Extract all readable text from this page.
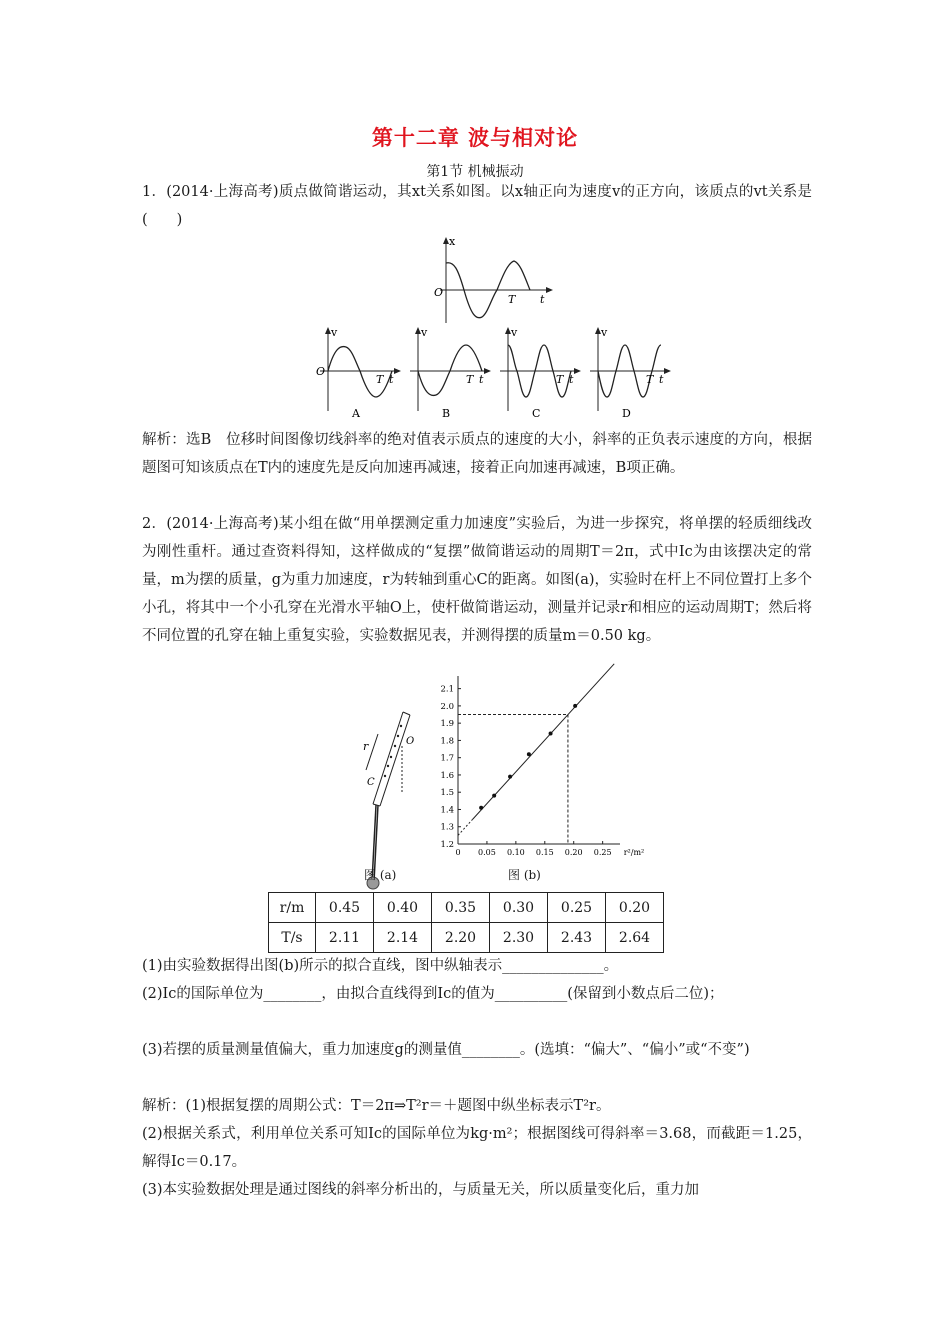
第十二章 波与相对论
第1节 机械振动

1．(2014·上海高考)质点做简谐运动，其xt关系如图。以x轴正向为速度v的正方向，该质点的vt关系是(　　)

x
O
T t
v
O
T t
A
v
T t
B
v
T t
C
v
T t
D

解析：选B　位移时间图像切线斜率的绝对值表示质点的速度的大小，斜率的正负表示速度的方向，根据题图可知该质点在T内的速度先是反向加速再减速，接着正向加速再减速，B项正确。

2．(2014·上海高考)某小组在做“用单摆测定重力加速度”实验后，为进一步探究，将单摆的轻质细线改为刚性重杆。通过查资料得知，这样做成的“复摆”做简谐运动的周期T＝2π，式中Ic为由该摆决定的常量，m为摆的质量，g为重力加速度，r为转轴到重心C的距离。如图(a)，实验时在杆上不同位置打上多个小孔，将其中一个小孔穿在光滑水平轴O上，使杆做简谐运动，测量并记录r和相应的运动周期T；然后将不同位置的孔穿在轴上重复实验，实验数据见表，并测得摆的质量m＝0.50 kg。

r	O
C
图 (a)
1.2
1.3
1.4
1.5
1.6
1.7
1.8
1.9
2.0
2.1
0.05 0.10 0.15 0.20 0.25
0	r²/m²
图 (b)
r/m	0.45	0.40	0.35	0.30	0.25	0.20
T/s	2.11	2.14	2.20	2.30	2.43	2.64

(1)由实验数据得出图(b)所示的拟合直线，图中纵轴表示______________。

(2)Ic的国际单位为________，由拟合直线得到Ic的值为__________(保留到小数点后二位)；

(3)若摆的质量测量值偏大，重力加速度g的测量值________。(选填：“偏大”、“偏小”或“不变”)

解析：(1)根据复摆的周期公式：T＝2π⇒T²r＝＋题图中纵坐标表示T²r。

(2)根据关系式，利用单位关系可知Ic的国际单位为kg·m²；根据图线可得斜率＝3.68，而截距＝1.25，解得Ic＝0.17。

(3)本实验数据处理是通过图线的斜率分析出的，与质量无关，所以质量变化后，重力加
